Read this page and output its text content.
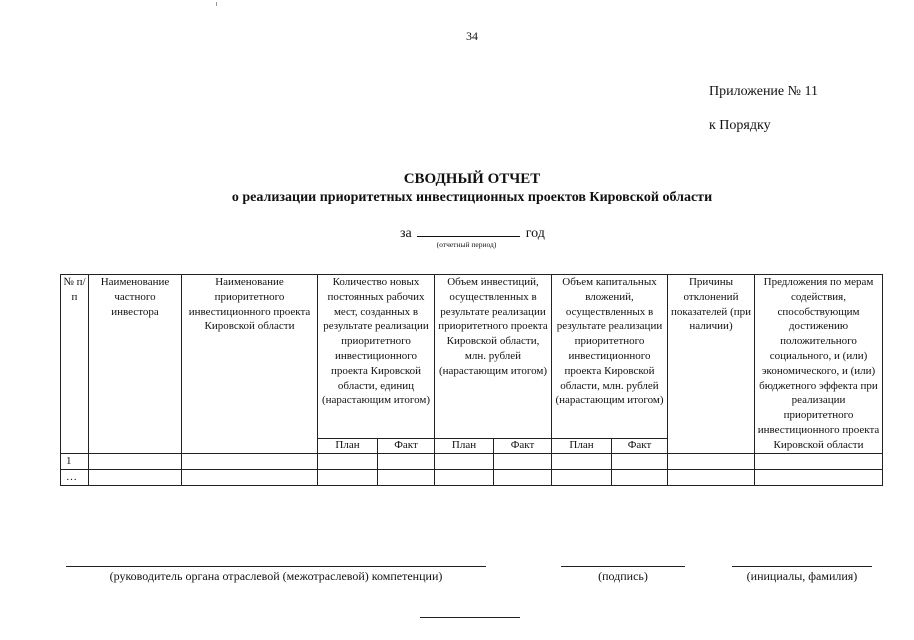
34
Приложение № 11
к Порядку
СВОДНЫЙ ОТЧЕТ
о реализации приоритетных инвестиционных проектов Кировской области
за	год
(отчетный период)
№ п/п	Наименование частного инвестора	Наименование приоритетного инвестиционного проекта Кировской области	Количество новых постоянных рабочих мест, созданных в результате реализации приоритетного инвестиционного проекта Кировской области, единиц (нарастающим итогом)		Объем инвестиций, осуществленных в результате реализации приоритетного проекта Кировской области, млн. рублей (нарастающим итогом)		Объем капитальных вложений, осуществленных в результате реализации приоритетного инвестиционного проекта Кировской области, млн. рублей (нарастающим итогом)		Причины отклонений показателей (при наличии)	Предложения по мерам содействия, способствующим достижению положительного социального, и (или) экономического, и (или) бюджетного эффекта при реализации приоритетного инвестиционного проекта Кировской области
			План	Факт	План	Факт	План	Факт		
1										
…										
(руководитель органа отраслевой (межотраслевой) компетенции)	(подпись)	(инициалы, фамилия)
